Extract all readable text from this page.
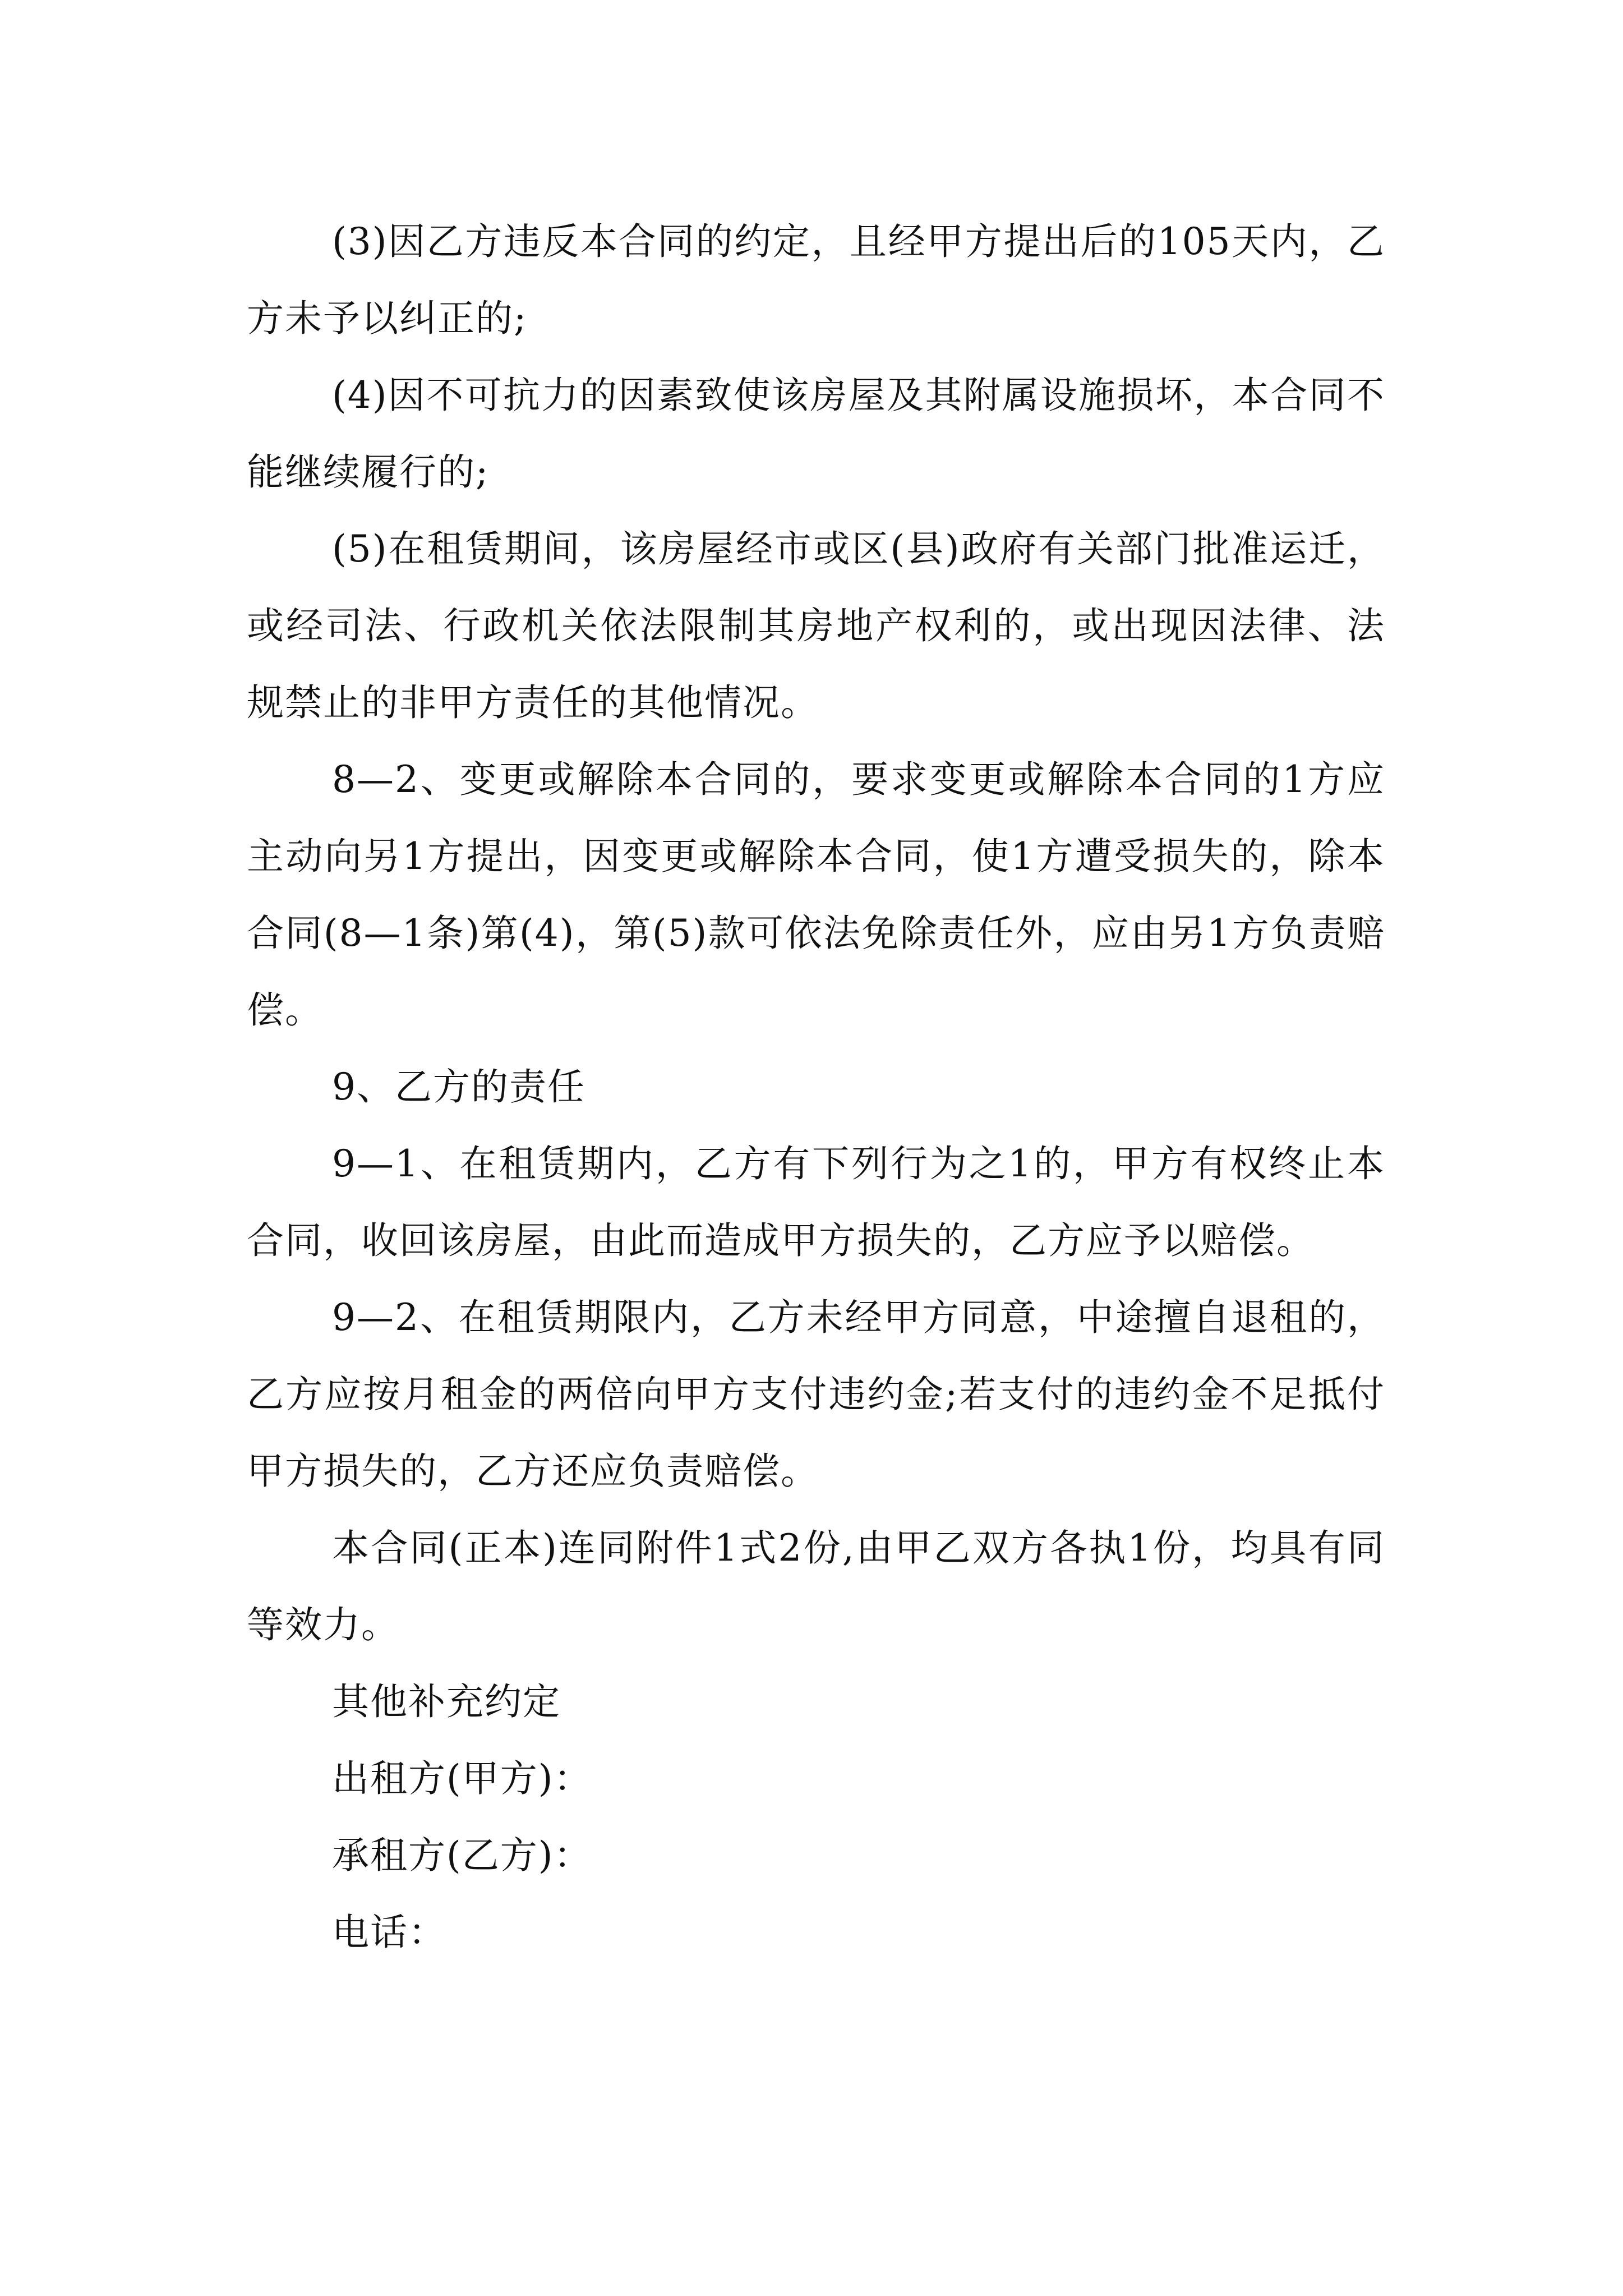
(3)因乙方违反本合同的约定，且经甲方提出后的105天内，乙方未予以纠正的;

(4)因不可抗力的因素致使该房屋及其附属设施损坏，本合同不能继续履行的;

(5)在租赁期间，该房屋经市或区(县)政府有关部门批准运迁，或经司法、行政机关依法限制其房地产权利的，或出现因法律、法规禁止的非甲方责任的其他情况。

8—2、变更或解除本合同的，要求变更或解除本合同的1方应主动向另1方提出，因变更或解除本合同，使1方遭受损失的，除本合同(8—1条)第(4)，第(5)款可依法免除责任外，应由另1方负责赔偿。

9、乙方的责任

9—1、在租赁期内，乙方有下列行为之1的，甲方有权终止本合同，收回该房屋，由此而造成甲方损失的，乙方应予以赔偿。

9—2、在租赁期限内，乙方未经甲方同意，中途擅自退租的，乙方应按月租金的两倍向甲方支付违约金;若支付的违约金不足抵付甲方损失的，乙方还应负责赔偿。

本合同(正本)连同附件1式2份,由甲乙双方各执1份，均具有同等效力。

其他补充约定

出租方(甲方)：

承租方(乙方)：

电话：
